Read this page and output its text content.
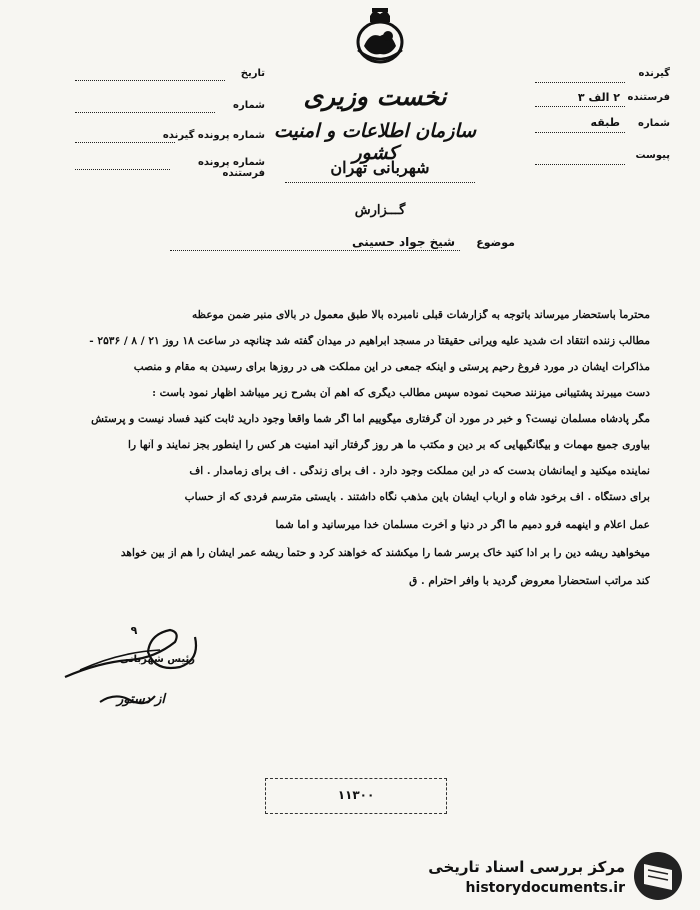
نخست وزیری
سازمان اطلاعات و امنیت کشور
شهربانی تهران
گـــزارش
تاریخ
شماره
شماره پرونده گیرنده
شماره پرونده فرستنده
گیرنده
فرستنده
۲ الف ۳
شماره
طبقه
پیوست
موضوع
شیخ جواد حسینی
محترماً باستحضار میرساند باتوجه به گزارشات قبلی نامبرده بالا طبق معمول در بالای منبر ضمن موعظه
مطالب زننده انتقاد ات شدید علیه ویرانی حقیقتاً در مسجد ابراهیم در میدان گفته شد چنانچه در ساعت ۱۸ روز ۲۱ / ۸ / ۲۵۳۶ -
مذاکرات ایشان در مورد فروغ رحیم پرستی و اینکه جمعی در این مملکت هی در روزها برای رسیدن به مقام و منصب
دست میبرند پشتیبانی میزنند صحبت نموده سپس مطالب دیگری که اهم آن بشرح زیر میباشد اظهار نمود باست :
مگر پادشاه مسلمان نیست؟ و خبر در مورد آن گرفتاری میگوییم اما اگر شما واقعاً وجود دارید ثابت کنید فساد نیست و پرستش
بیاوری جمیع مهمات و بیگانگیهایی که بر دین و مکتب ما هر روز گرفتار آنید امنیت هر کس را اینطور بجز نمایند و آنها را
نماینده میکنید و ایمانشان بدست که در این مملکت وجود دارد . اف برای زندگی . اف برای زمامدار . اف
برای دستگاه . اف برخود شاه و ارباب ایشان باین مذهب نگاه داشتند . بایستی مترسم فردی که از حساب
عمل اعلام و اینهمه فرو دمیم ما اگر در دنیا و آخرت مسلمان خدا میرسانید و اما شما
میخواهید ریشه دین را بر ادا کنید خاک برسر شما را میکشند که خواهند کرد و حتماً ریشه عمر ایشان را هم از بین خواهد
کند مراتب استحضاراً معروض گردید با وافر احترام . ق
۹
رئیس شهربانی
از دستور
۱۱۳۰۰
مرکز بررسی اسناد تاریخی
historydocuments.ir
